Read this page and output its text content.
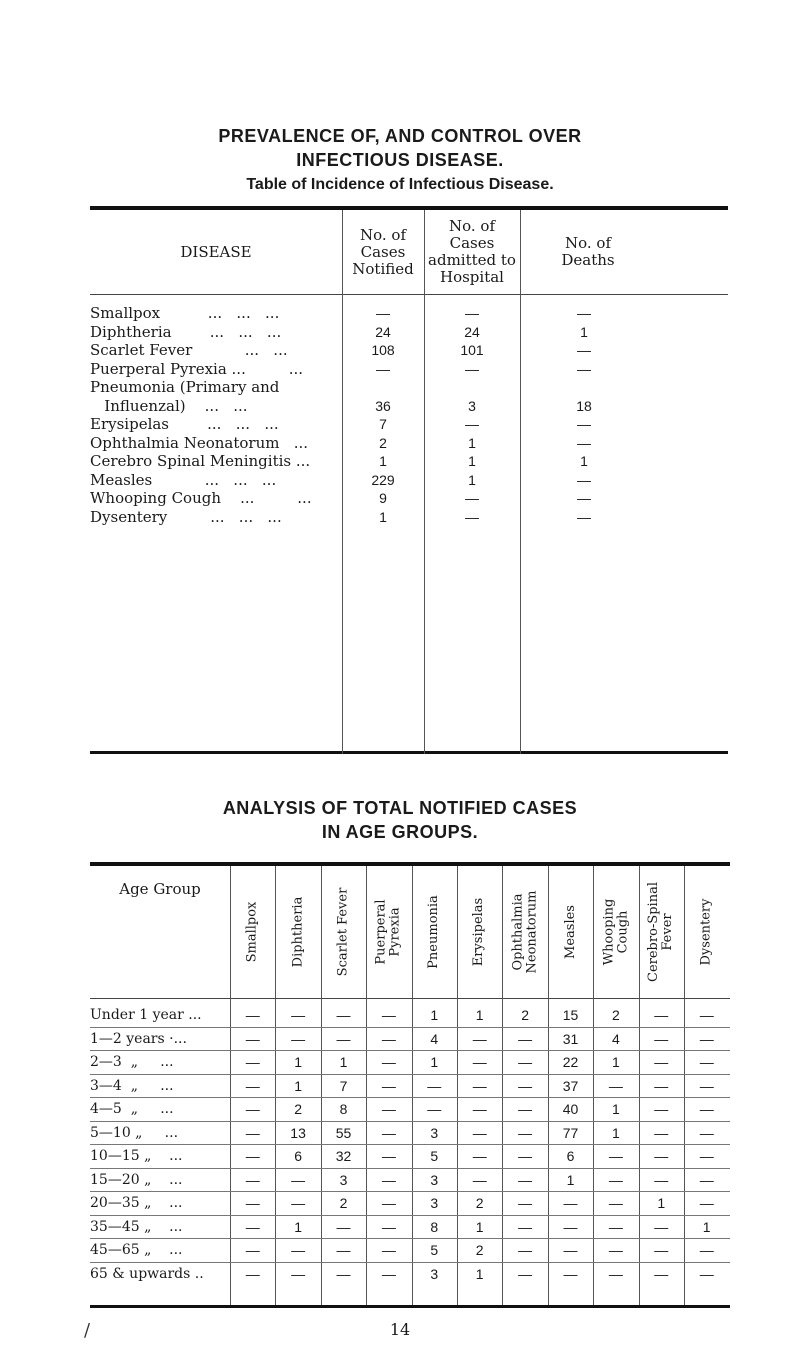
PREVALENCE OF, AND CONTROL OVER
INFECTIOUS DISEASE.
Table of Incidence of Infectious Disease.
DISEASE
No. of Cases Notified
No. of Cases admitted to Hospital
No. of Deaths
Smallpox          ...   ...   ...	—	—	—
Diphtheria        ...   ...   ...	24	24	1
Scarlet Fever           ...   ...	108	101	—
Puerperal Pyrexia ...         ...	—	—	—
Pneumonia (Primary and
Influenzal)    ...   ...	36	3	18
Erysipelas        ...   ...   ...	7	—	—
Ophthalmia Neonatorum   ...	2	1	—
Cerebro Spinal Meningitis ...	1	1	1
Measles           ...   ...   ...	229	1	—
Whooping Cough    ...         ...	9	—	—
Dysentery         ...   ...   ...	1	—	—
ANALYSIS OF TOTAL NOTIFIED CASES
IN AGE GROUPS.
Age Group
Smallpox Diphtheria Scarlet Fever Puerperal
Pyrexia Pneumonia Erysipelas Ophthalmia
Neonatorum Measles Whooping
Cough Cerebro-Spinal
Fever Dysentery
Under 1 year ...	—	—	—	—	1	1	2	15	2	—	—
1—2 years ·...	—	—	—	—	4	—	—	31	4	—	—
2—3  „     ...	—	1	1	—	1	—	—	22	1	—	—
3—4  „     ...	—	1	7	—	—	—	—	37	—	—	—
4—5  „     ...	—	2	8	—	—	—	—	40	1	—	—
5—10 „     ...	—	13	55	—	3	—	—	77	1	—	—
10—15 „    ...	—	6	32	—	5	—	—	6	—	—	—
15—20 „    ...	—	—	3	—	3	—	—	1	—	—	—
20—35 „    ...	—	—	2	—	3	2	—	—	—	1	—
35—45 „    ...	—	1	—	—	8	1	—	—	—	—	1
45—65 „    ...	—	—	—	—	5	2	—	—	—	—	—
65 & upwards ..	—	—	—	—	3	1	—	—	—	—	—
/	14
